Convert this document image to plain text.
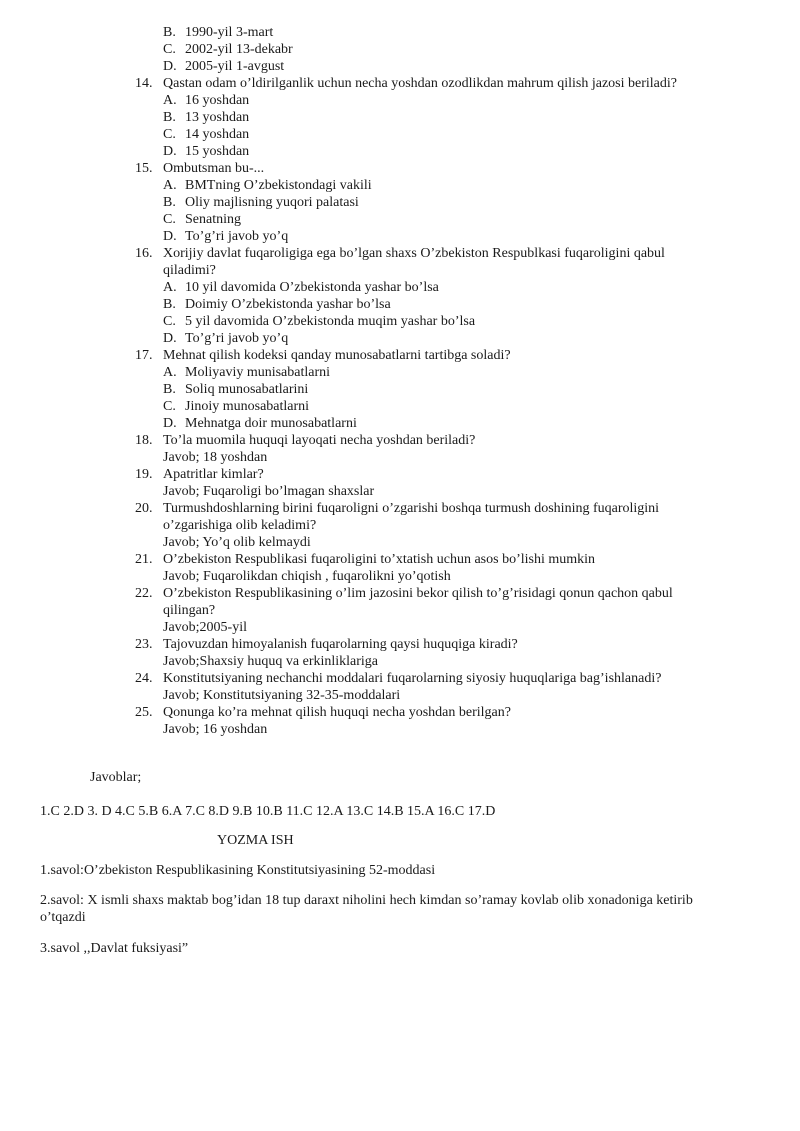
B. 1990-yil 3-mart
C. 2002-yil 13-dekabr
D. 2005-yil 1-avgust
14. Qastan odam o’ldirilganlik uchun necha yoshdan ozodlikdan mahrum qilish jazosi beriladi?
A. 16 yoshdan
B. 13 yoshdan
C. 14 yoshdan
D. 15 yoshdan
15. Ombutsman bu-...
A. BMTning O’zbekistondagi vakili
B. Oliy majlisning yuqori palatasi
C. Senatning
D. To’g’ri javob yo’q
16. Xorijiy davlat fuqaroligiga ega bo’lgan shaxs O’zbekiston Respublkasi fuqaroligini qabul qiladimi?
A. 10 yil davomida O’zbekistonda yashar bo’lsa
B. Doimiy O’zbekistonda yashar bo’lsa
C. 5 yil davomida O’zbekistonda muqim yashar bo’lsa
D. To’g’ri javob yo’q
17. Mehnat qilish kodeksi qanday munosabatlarni tartibga soladi?
A. Moliyaviy munisabatlarni
B. Soliq munosabatlarini
C. Jinoiy munosabatlarni
D. Mehnatga doir munosabatlarni
18. To’la muomila huquqi layoqati necha yoshdan beriladi?
Javob; 18 yoshdan
19. Apatritlar kimlar?
Javob; Fuqaroligi bo’lmagan shaxslar
20. Turmushdoshlarning birini fuqaroligni o’zgarishi boshqa turmush doshining fuqaroligini o’zgarishiga olib keladimi?
Javob; Yo’q olib kelmaydi
21. O’zbekiston Respublikasi fuqaroligini to’xtatish uchun asos bo’lishi mumkin
Javob; Fuqarolikdan chiqish , fuqarolikni yo’qotish
22. O’zbekiston Respublikasining o’lim jazosini bekor qilish to’g’risidagi qonun qachon qabul qilingan?
Javob;2005-yil
23. Tajovuzdan himoyalanish fuqarolarning qaysi huquqiga kiradi?
Javob;Shaxsiy huquq va erkinliklariga
24. Konstitutsiyaning nechanchi moddalari fuqarolarning siyosiy huquqlariga bag’ishlanadi?
Javob; Konstitutsiyaning 32-35-moddalari
25. Qonunga ko’ra mehnat qilish huquqi necha yoshdan berilgan?
Javob; 16 yoshdan
Javoblar;
1.C 2.D 3. D 4.C 5.B 6.A 7.C 8.D 9.B 10.B 11.C 12.A 13.C 14.B 15.A 16.C 17.D
YOZMA ISH
1.savol:O’zbekiston Respublikasining Konstitutsiyasining 52-moddasi
2.savol: X ismli shaxs maktab bog’idan 18 tup daraxt niholini hech kimdan so’ramay kovlab olib xonadoniga ketirib o’tqazdi
3.savol ,,Davlat fuksiyasi”
